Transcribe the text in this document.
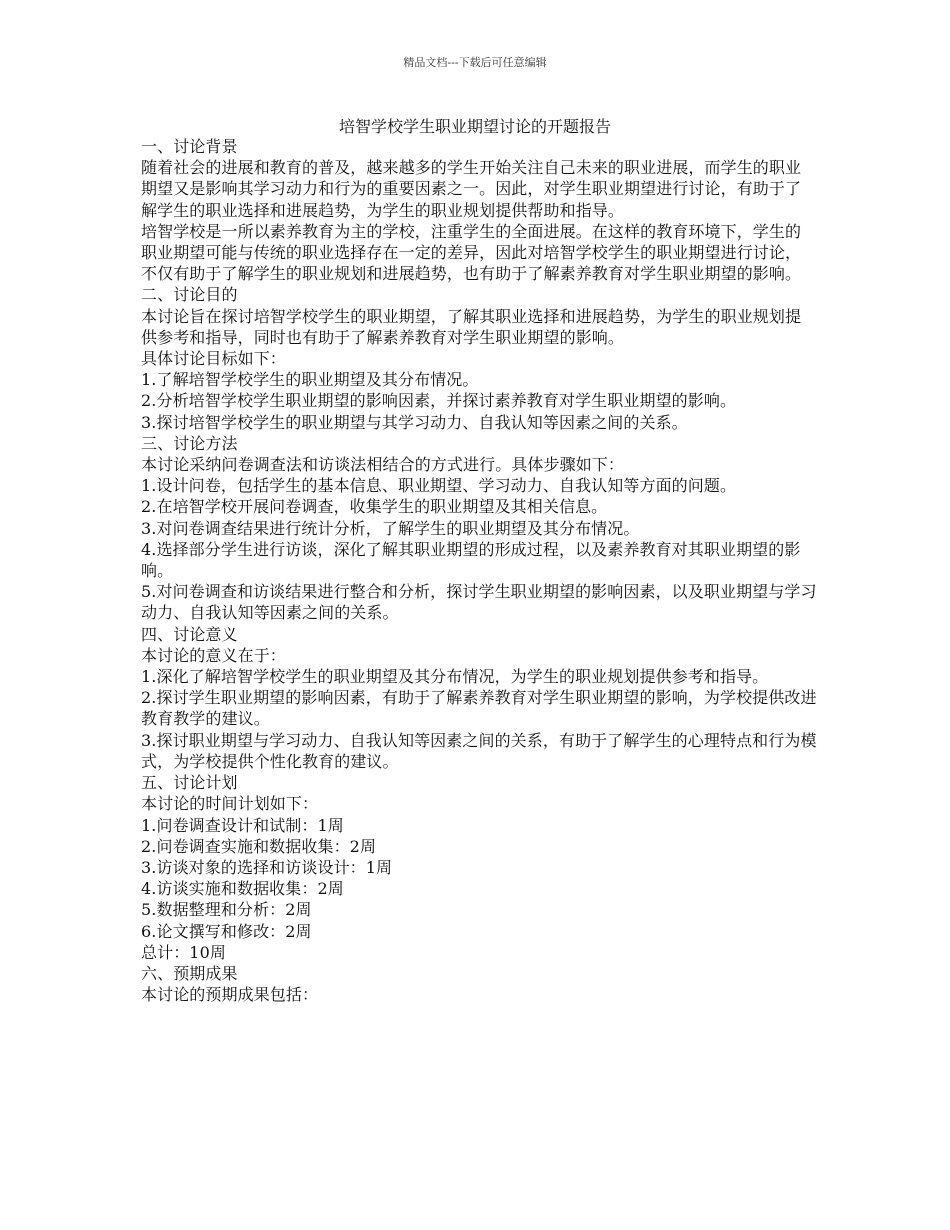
精品文档---下载后可任意编辑
培智学校学生职业期望讨论的开题报告

一、讨论背景

随着社会的进展和教育的普及，越来越多的学生开始关注自己未来的职业进展，而学生的职业期望又是影响其学习动力和行为的重要因素之一。因此，对学生职业期望进行讨论，有助于了解学生的职业选择和进展趋势，为学生的职业规划提供帮助和指导。

培智学校是一所以素养教育为主的学校，注重学生的全面进展。在这样的教育环境下，学生的职业期望可能与传统的职业选择存在一定的差异，因此对培智学校学生的职业期望进行讨论，不仅有助于了解学生的职业规划和进展趋势，也有助于了解素养教育对学生职业期望的影响。

二、讨论目的

本讨论旨在探讨培智学校学生的职业期望，了解其职业选择和进展趋势，为学生的职业规划提供参考和指导，同时也有助于了解素养教育对学生职业期望的影响。

具体讨论目标如下：

1.了解培智学校学生的职业期望及其分布情况。

2.分析培智学校学生职业期望的影响因素，并探讨素养教育对学生职业期望的影响。

3.探讨培智学校学生的职业期望与其学习动力、自我认知等因素之间的关系。

三、讨论方法

本讨论采纳问卷调查法和访谈法相结合的方式进行。具体步骤如下：

1.设计问卷，包括学生的基本信息、职业期望、学习动力、自我认知等方面的问题。

2.在培智学校开展问卷调查，收集学生的职业期望及其相关信息。

3.对问卷调查结果进行统计分析，了解学生的职业期望及其分布情况。

4.选择部分学生进行访谈，深化了解其职业期望的形成过程，以及素养教育对其职业期望的影响。

5.对问卷调查和访谈结果进行整合和分析，探讨学生职业期望的影响因素，以及职业期望与学习动力、自我认知等因素之间的关系。

四、讨论意义

本讨论的意义在于：

1.深化了解培智学校学生的职业期望及其分布情况，为学生的职业规划提供参考和指导。

2.探讨学生职业期望的影响因素，有助于了解素养教育对学生职业期望的影响，为学校提供改进教育教学的建议。

3.探讨职业期望与学习动力、自我认知等因素之间的关系，有助于了解学生的心理特点和行为模式，为学校提供个性化教育的建议。

五、讨论计划

本讨论的时间计划如下：

1.问卷调查设计和试制：1周

2.问卷调查实施和数据收集：2周

3.访谈对象的选择和访谈设计：1周

4.访谈实施和数据收集：2周

5.数据整理和分析：2周

6.论文撰写和修改：2周

总计：10周

六、预期成果

本讨论的预期成果包括：
